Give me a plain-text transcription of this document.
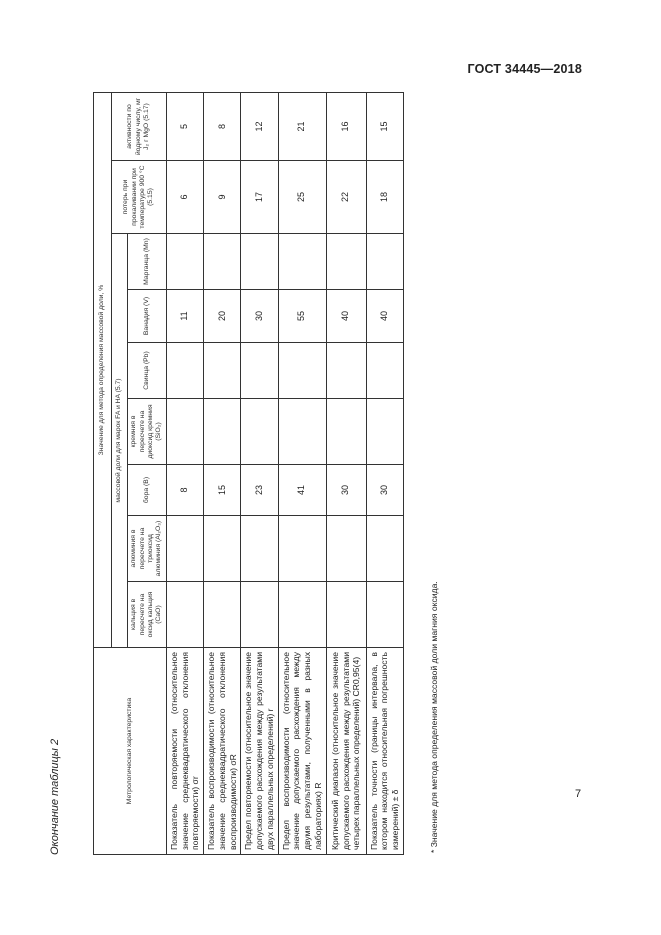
ГОСТ 34445—2018
Окончание таблицы 2	Метрологическая характеристика	Значение для метода определения массовой доли, %								
	массовой доли для марок FA и HA (5.7)							потерь при прокаливании при температуре 900 °С (5.15)	активности по йодному числу, мг J₂ г MgO (5.17)
	кальция в пересчете на оксид кальция (CaO)	алюминия в пересчете на триоксид алюминия (Al₂O₃)	бора (B)	кремния в пересчете на диоксид кремния (SiO₂)	Свинца (Pb)	Ванадия (V)	Марганца (Mn)		
Показатель повторяемости (относительное значение среднеквадратического отклонения повторяемости) σr			8			11		6	5
Показатель воспроизводимости (относительное значение среднеквадратического отклонения воспроизводимости) σR			15			20		9	8
Предел повторяемости (относительное значение допускаемого расхождения между результатами двух параллельных определений) r			23			30		17	12
Предел воспроизводимости (относительное значение допускаемого расхождения между двумя результатами, полученными в разных лабораториях) R			41			55		25	21
Критический диапазон (относительное значение допускаемого расхождения между результатами четырех параллельных определений) CR0,95(4)			30			40		22	16
Показатель точности (границы интервала, в котором находится относительная погрешность измерений) ± δ			30			40		18	15
* Значение для метода определения массовой доли магния оксида.	7
